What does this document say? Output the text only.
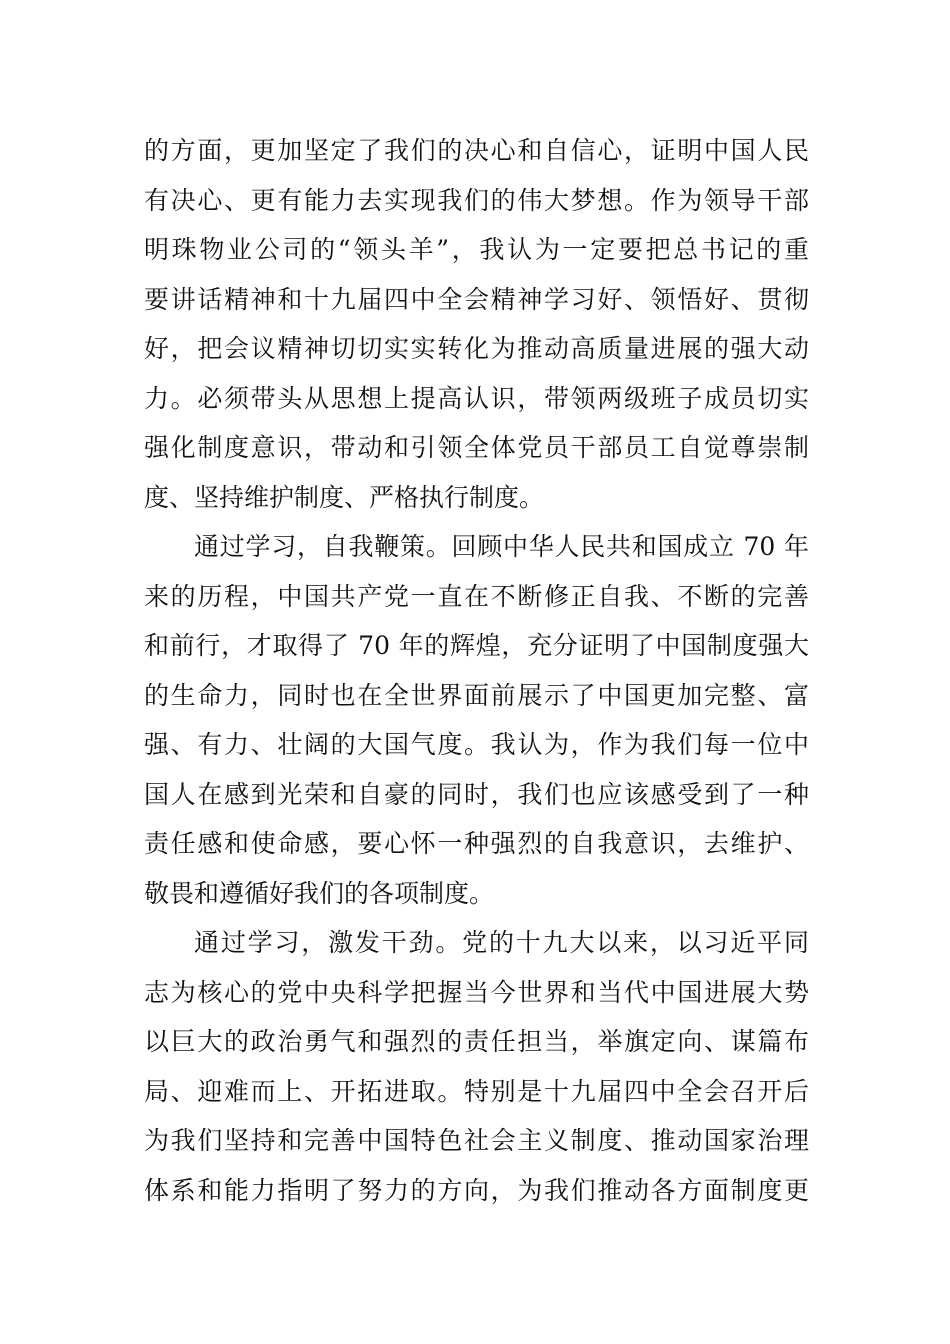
的方面，更加坚定了我们的决心和自信心，证明中国人民
有决心、更有能力去实现我们的伟大梦想。作为领导干部
明珠物业公司的“领头羊”，我认为一定要把总书记的重
要讲话精神和十九届四中全会精神学习好、领悟好、贯彻
好，把会议精神切切实实转化为推动高质量进展的强大动
力。必须带头从思想上提高认识，带领两级班子成员切实
强化制度意识，带动和引领全体党员干部员工自觉尊崇制
度、坚持维护制度、严格执行制度。
通过学习，自我鞭策。回顾中华人民共和国成立 70 年
来的历程，中国共产党一直在不断修正自我、不断的完善
和前行，才取得了 70 年的辉煌，充分证明了中国制度强大
的生命力，同时也在全世界面前展示了中国更加完整、富
强、有力、壮阔的大国气度。我认为，作为我们每一位中
国人在感到光荣和自豪的同时，我们也应该感受到了一种
责任感和使命感，要心怀一种强烈的自我意识，去维护、
敬畏和遵循好我们的各项制度。
通过学习，激发干劲。党的十九大以来，以习近平同
志为核心的党中央科学把握当今世界和当代中国进展大势
以巨大的政治勇气和强烈的责任担当，举旗定向、谋篇布
局、迎难而上、开拓进取。特别是十九届四中全会召开后
为我们坚持和完善中国特色社会主义制度、推动国家治理
体系和能力指明了努力的方向，为我们推动各方面制度更
